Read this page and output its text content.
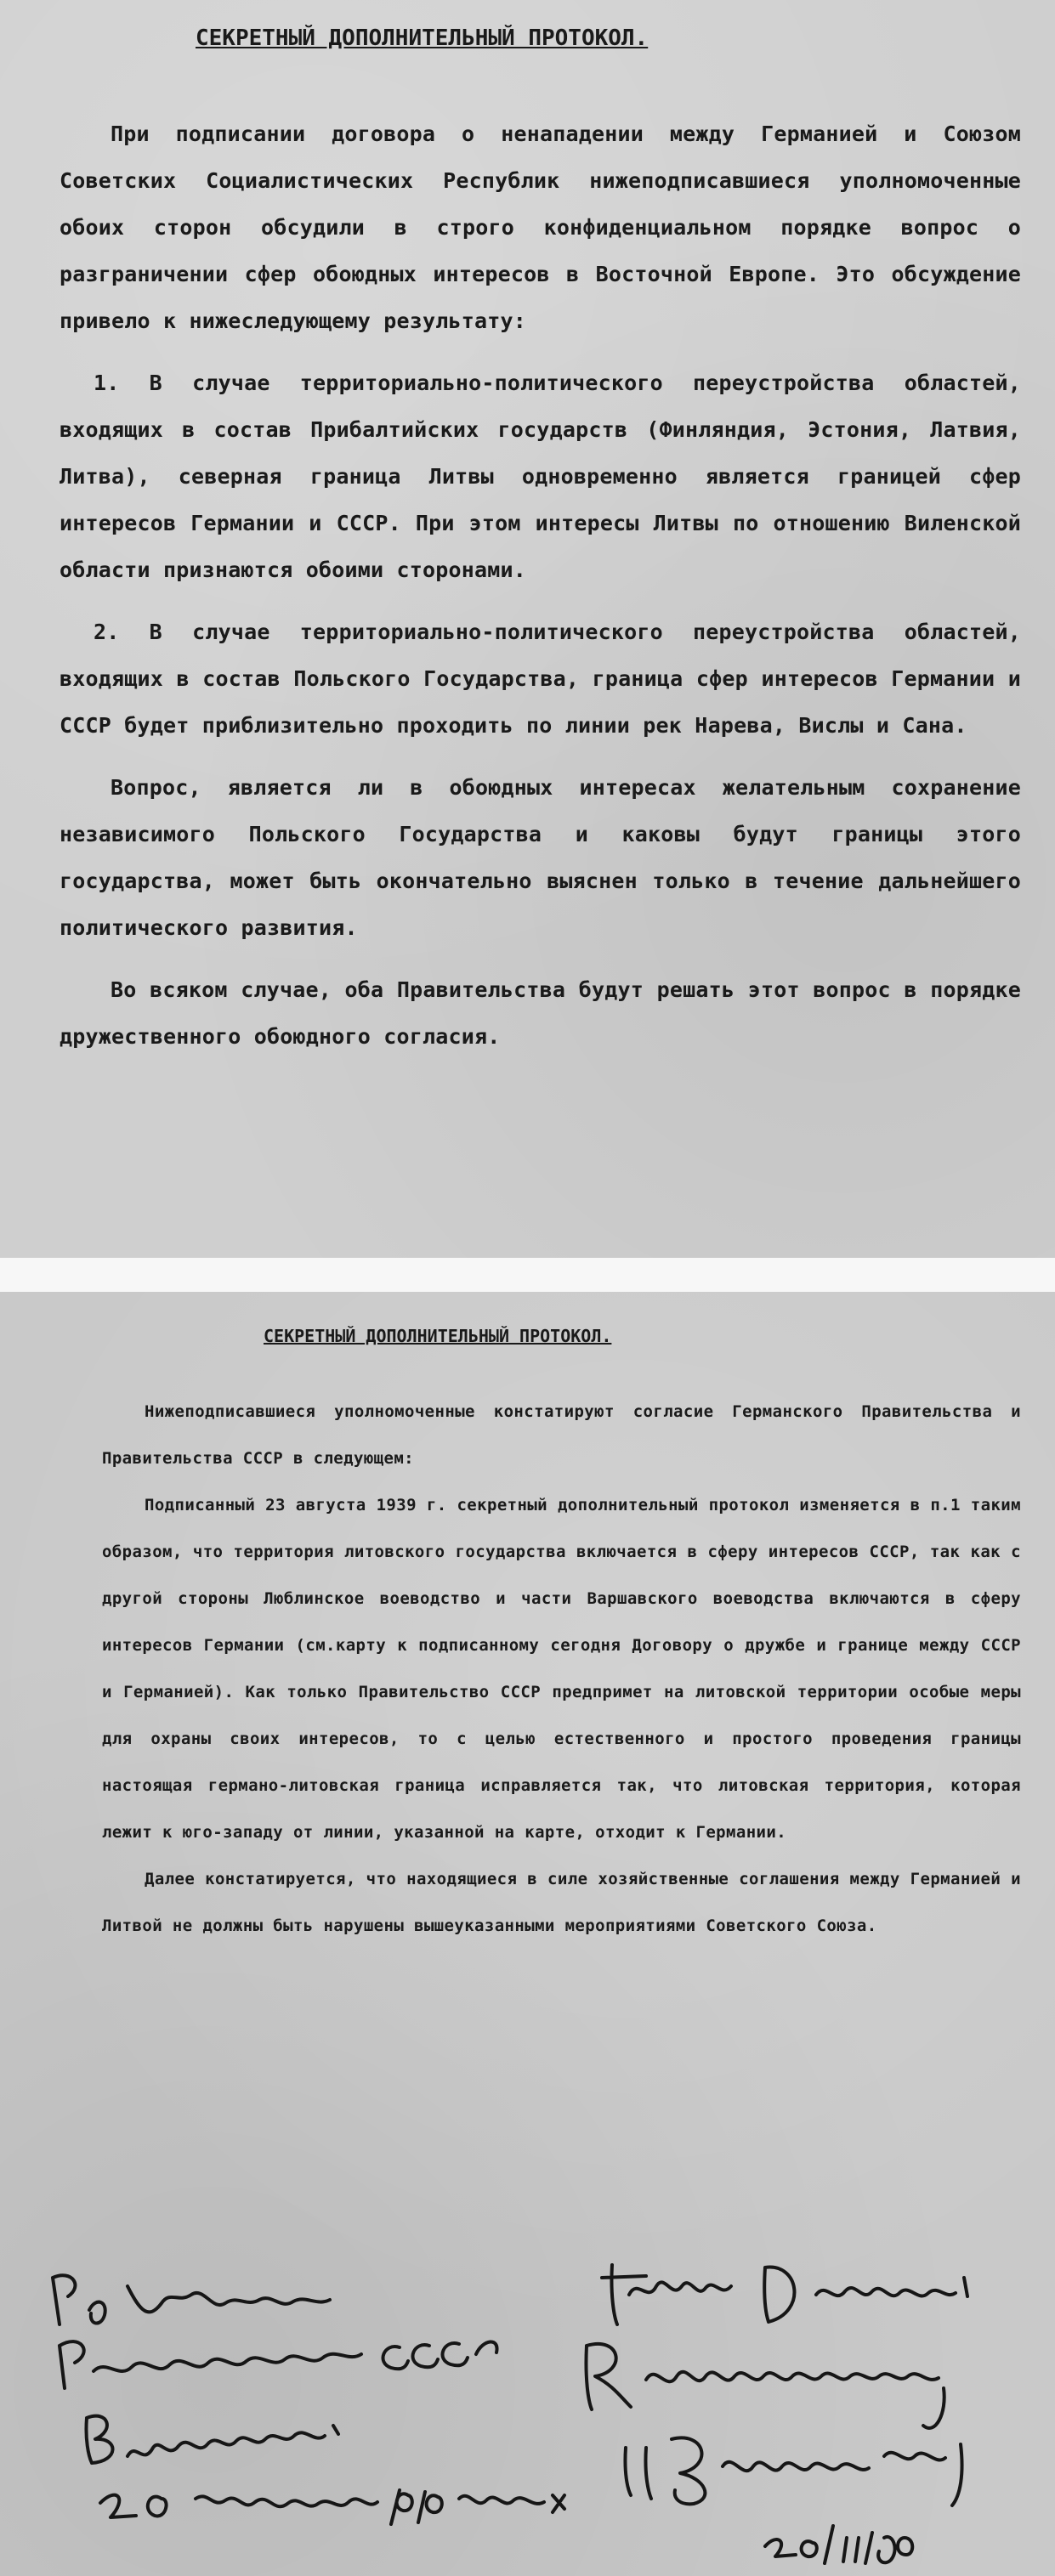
СЕКРЕТНЫЙ ДОПОЛНИТЕЛЬНЫЙ ПРОТОКОЛ.

При подписании договора о ненападении между Германией и Союзом Советских Социалистических Республик нижеподписавшиеся уполномоченные обоих сторон обсудили в строго конфиденциальном порядке вопрос о разграничении сфер обоюдных интересов в Восточной Европе. Это обсуждение привело к нижеследующему результату:

1. В случае территориально-политического переустройства областей, входящих в состав Прибалтийских государств (Финляндия, Эстония, Латвия, Литва), северная граница Литвы одновременно является границей сфер интересов Германии и СССР. При этом интересы Литвы по отношению Виленской области признаются обоими сторонами.

2. В случае территориально-политического переустройства областей, входящих в состав Польского Государства, граница сфер интересов Германии и СССР будет приблизительно проходить по линии рек Нарева, Вислы и Сана.

Вопрос, является ли в обоюдных интересах желательным сохранение независимого Польского Государства и каковы будут границы этого государства, может быть окончательно выяснен только в течение дальнейшего политического развития.

Во всяком случае, оба Правительства будут решать этот вопрос в порядке дружественного обоюдного согласия.

СЕКРЕТНЫЙ ДОПОЛНИТЕЛЬНЫЙ ПРОТОКОЛ.

Нижеподписавшиеся уполномоченные констатируют согласие Германского Правительства и Правительства СССР в следующем:

Подписанный 23 августа 1939 г. секретный дополнительный протокол изменяется в п.1 таким образом, что территория литовского государства включается в сферу интересов СССР, так как с другой стороны Люблинское воеводство и части Варшавского воеводства включаются в сферу интересов Германии (см.карту к подписанному сегодня Договору о дружбе и границе между СССР и Германией). Как только Правительство СССР предпримет на литовской территории особые меры для охраны своих интересов, то с целью естественного и простого проведения границы настоящая германо-литовская граница исправляется так, что литовская территория, которая лежит к юго-западу от линии, указанной на карте, отходит к Германии.

Далее констатируется, что находящиеся в силе хозяйственные соглашения между Германией и Литвой не должны быть нарушены вышеуказанными мероприятиями Советского Союза.
